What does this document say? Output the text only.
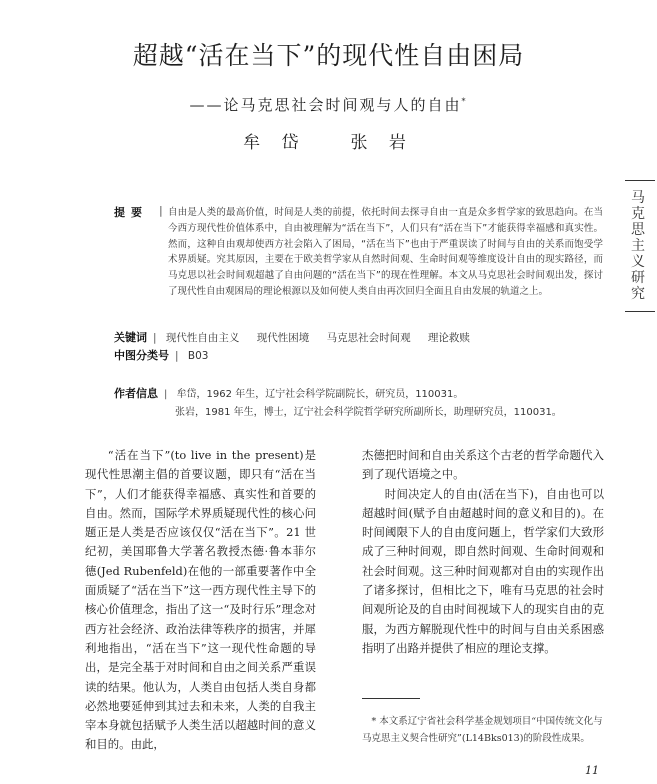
超越“活在当下”的现代性自由困局
——论马克思社会时间观与人的自由*
牟 岱	张 岩
马克思主义研究
提要 | 自由是人类的最高价值，时间是人类的前提，依托时间去探寻自由一直是众多哲学家的致思趋向。在当今西方现代性价值体系中，自由被理解为“活在当下”，人们只有“活在当下”才能获得幸福感和真实性。然而，这种自由观却使西方社会陷入了困局，“活在当下”也由于严重误读了时间与自由的关系而饱受学术界质疑。究其原因，主要在于欧美哲学家从自然时间观、生命时间观等维度设计自由的现实路径，而马克思以社会时间观超越了自由问题的“活在当下”的现在性理解。本文从马克思社会时间观出发，探讨了现代性自由观困局的理论根源以及如何使人类自由再次回归全面且自由发展的轨道之上。
关键词 | 现代性自由主义 现代性困境 马克思社会时间观 理论救赎
中图分类号 | B03
作者信息 | 牟岱，1962 年生，辽宁社会科学院副院长，研究员，110031。
张岩，1981 年生，博士，辽宁社会科学院哲学研究所副所长，助理研究员，110031。

“活在当下”(to live in the present)是现代性思潮主倡的首要议题，即只有“活在当下”，人们才能获得幸福感、真实性和首要的自由。然而，国际学术界质疑现代性的核心问题正是人类是否应该仅仅“活在当下”。21 世纪初，美国耶鲁大学著名教授杰德·鲁本菲尔德(Jed Rubenfeld)在他的一部重要著作中全面质疑了“活在当下”这一西方现代性主导下的核心价值理念，指出了这一“及时行乐”理念对西方社会经济、政治法律等秩序的损害，并犀利地指出，“活在当下”这一现代性命题的导出，是完全基于对时间和自由之间关系严重误读的结果。他认为，人类自由包括人类自身都必然地要延伸到其过去和未来，人类的自我主宰本身就包括赋予人类生活以超越时间的意义和目的。由此，

杰德把时间和自由关系这个古老的哲学命题代入到了现代语境之中。

时间决定人的自由(活在当下)，自由也可以超越时间(赋予自由超越时间的意义和目的)。在时间阈限下人的自由度问题上，哲学家们大致形成了三种时间观，即自然时间观、生命时间观和社会时间观。这三种时间观都对自由的实现作出了诸多探讨，但相比之下，唯有马克思的社会时间观所论及的自由时间视域下人的现实自由的克服，为西方解脱现代性中的时间与自由关系困惑指明了出路并提供了相应的理论支撑。

* 本文系辽宁省社会科学基金规划项目“中国传统文化与马克思主义契合性研究”(L14Bks013)的阶段性成果。
11
